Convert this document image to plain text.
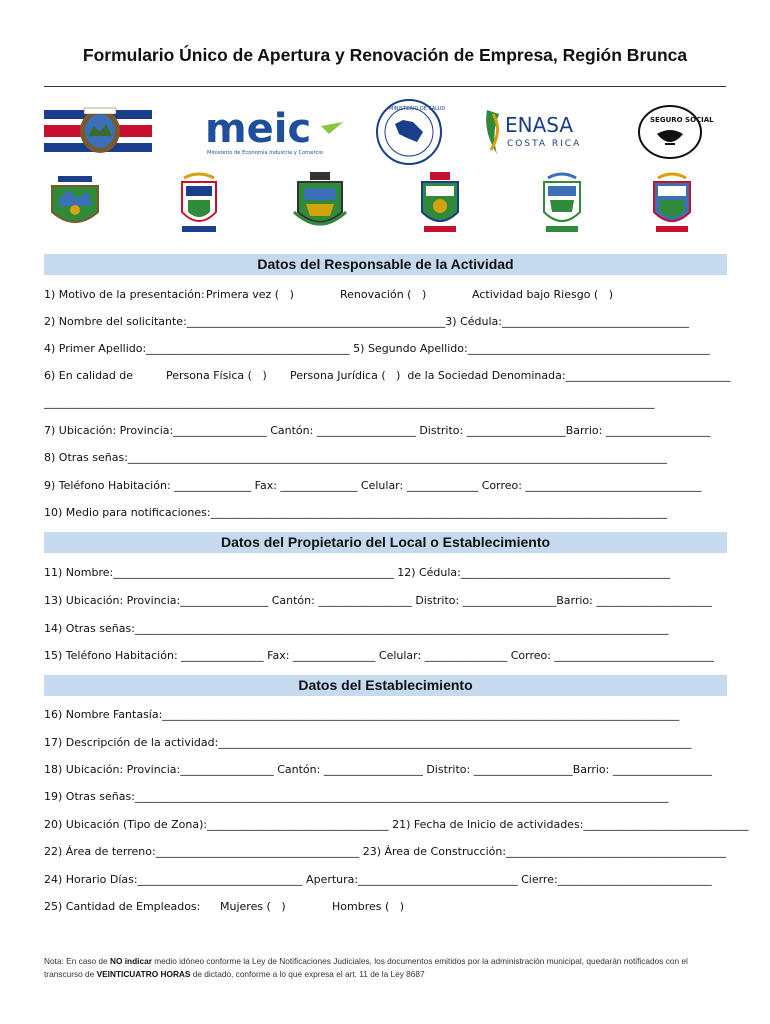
Formulario Único de Apertura y Renovación de Empresa, Región Brunca
meic
Ministerio de Economía Industria y Comercio
MINISTERIO DE SALUD
ENASA
COSTA RICA
SEGURO SOCIAL
Datos del Responsable de la Actividad
1) Motivo de la presentación: Primera vez (   )	Renovación (   )	Actividad bajo Riesgo (   )
2) Nombre del solicitante:_______________________________________________3) Cédula:__________________________________
4) Primer Apellido:_____________________________________ 5) Segundo Apellido:____________________________________________
6) En calidad de	Persona Física (   ) Persona Jurídica (   )  de la Sociedad Denominada:______________________________
_______________________________________________________________________________________________________________
7) Ubicación: Provincia:_________________ Cantón: __________________ Distrito: __________________Barrio: ___________________
8) Otras señas:__________________________________________________________________________________________________
9) Teléfono Habitación: ______________ Fax: ______________ Celular: _____________ Correo: ________________________________
10) Medio para notificaciones:___________________________________________________________________________________
Datos del Propietario del Local o Establecimiento
11) Nombre:___________________________________________________ 12) Cédula:______________________________________
13) Ubicación: Provincia:________________ Cantón: _________________ Distrito: _________________Barrio: _____________________
14) Otras señas:_________________________________________________________________________________________________
15) Teléfono Habitación: _______________ Fax: _______________ Celular: _______________ Correo: _____________________________
Datos del Establecimiento
16) Nombre Fantasía:______________________________________________________________________________________________
17) Descripción de la actividad:______________________________________________________________________________________
18) Ubicación: Provincia:_________________ Cantón: __________________ Distrito: __________________Barrio: __________________
19) Otras señas:_________________________________________________________________________________________________
20) Ubicación (Tipo de Zona):_________________________________ 21) Fecha de Inicio de actividades:______________________________
22) Área de terreno:_____________________________________ 23) Área de Construcción:________________________________________
24) Horario Días:______________________________ Apertura:_____________________________ Cierre:____________________________
25) Cantidad de Empleados:	Mujeres (   )	Hombres (   )
Nota: En caso de NO indicar medio idóneo conforme la Ley de Notificaciones Judiciales, los documentos emitidos por la administración municipal, quedarán notificados con el transcurso de VEINTICUATRO HORAS de dictado, conforme a lo que expresa el art. 11 de la Ley 8687
